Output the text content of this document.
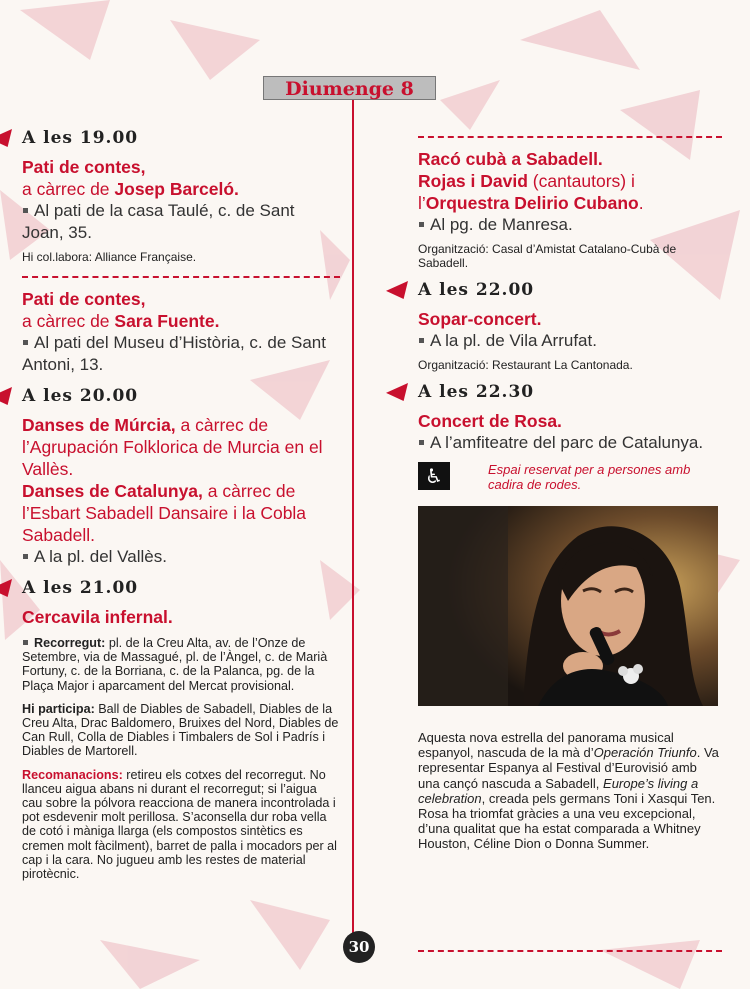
Diumenge 8
A les 19.00
Pati de contes,
a càrrec de Josep Barceló.
Al pati de la casa Taulé, c. de Sant Joan, 35.
Hi col.labora: Alliance Française.
Pati de contes,
a càrrec de Sara Fuente.
Al pati del Museu d’Història, c. de Sant Antoni, 13.
A les 20.00
Danses de Múrcia, a càrrec de l’Agrupación Folklorica de Murcia en el Vallès.
Danses de Catalunya, a càrrec de l’Esbart Sabadell Dansaire i la Cobla Sabadell.
A la pl. del Vallès.
A les 21.00
Cercavila infernal.
Recorregut: pl. de la Creu Alta, av. de l’Onze de Setembre, via de Massagué, pl. de l’Àngel, c. de Marià Fortuny, c. de la Borriana, c. de la Palanca, pg. de la Plaça Major i aparcament del Mercat provisional.
Hi participa: Ball de Diables de Sabadell, Diables de la Creu Alta, Drac Baldomero, Bruixes del Nord, Diables de Can Rull, Colla de Diables i Timbalers de Sol i Padrís i Diables de Martorell.
Recomanacions: retireu els cotxes del recorregut. No llanceu aigua abans ni durant el recorregut; si l’aigua cau sobre la pólvora reacciona de manera incontrolada i pot esdevenir molt perillosa. S’aconsella dur roba vella de cotó i màniga llarga (els compostos sintètics es cremen molt fàcilment), barret de palla i mocadors per al cap i la cara. No jugueu amb les restes de material pirotècnic.
Racó cubà a Sabadell.
Rojas i David (cantautors) i
l’Orquestra Delirio Cubano.
Al pg. de Manresa.
Organització: Casal d’Amistat Catalano-Cubà de Sabadell.
A les 22.00
Sopar-concert.
A la pl. de Vila Arrufat.
Organització: Restaurant La Cantonada.
A les 22.30
Concert de Rosa.
A l’amfiteatre del parc de Catalunya.
♿	Espai reservat per a persones amb cadira de rodes.
Aquesta nova estrella del panorama musical espanyol, nascuda de la mà d’Operación Triunfo. Va representar Espanya al Festival d’Eurovisió amb una cançó nascuda a Sabadell, Europe’s living a celebration, creada pels germans Toni i Xasqui Ten. Rosa ha triomfat gràcies a una veu excepcional, d’una qualitat que ha estat comparada a Whitney Houston, Céline Dion o Donna Summer.
30
